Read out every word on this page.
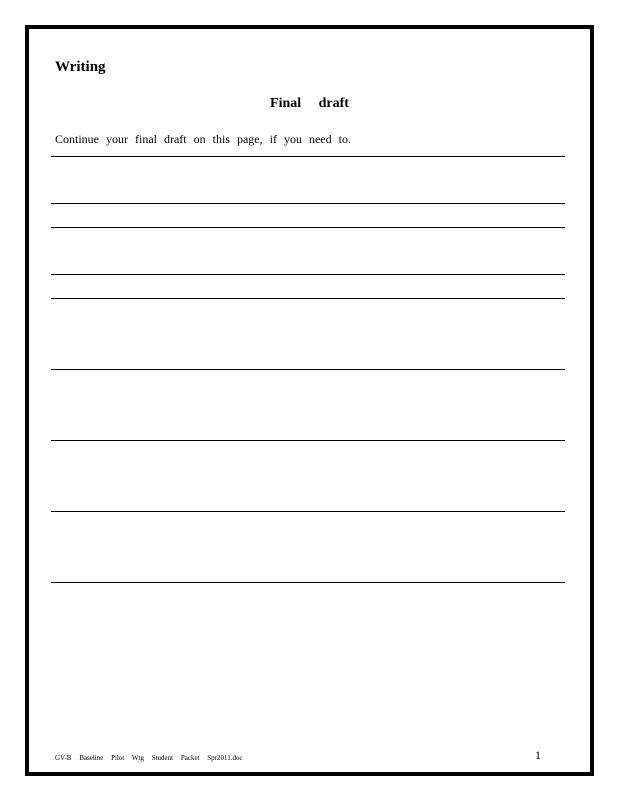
Writing
Final draft
Continue your final draft on this page, if you need to.
GV-B Baseline Pilot Wtg Student Packet Spr2011.doc	1
